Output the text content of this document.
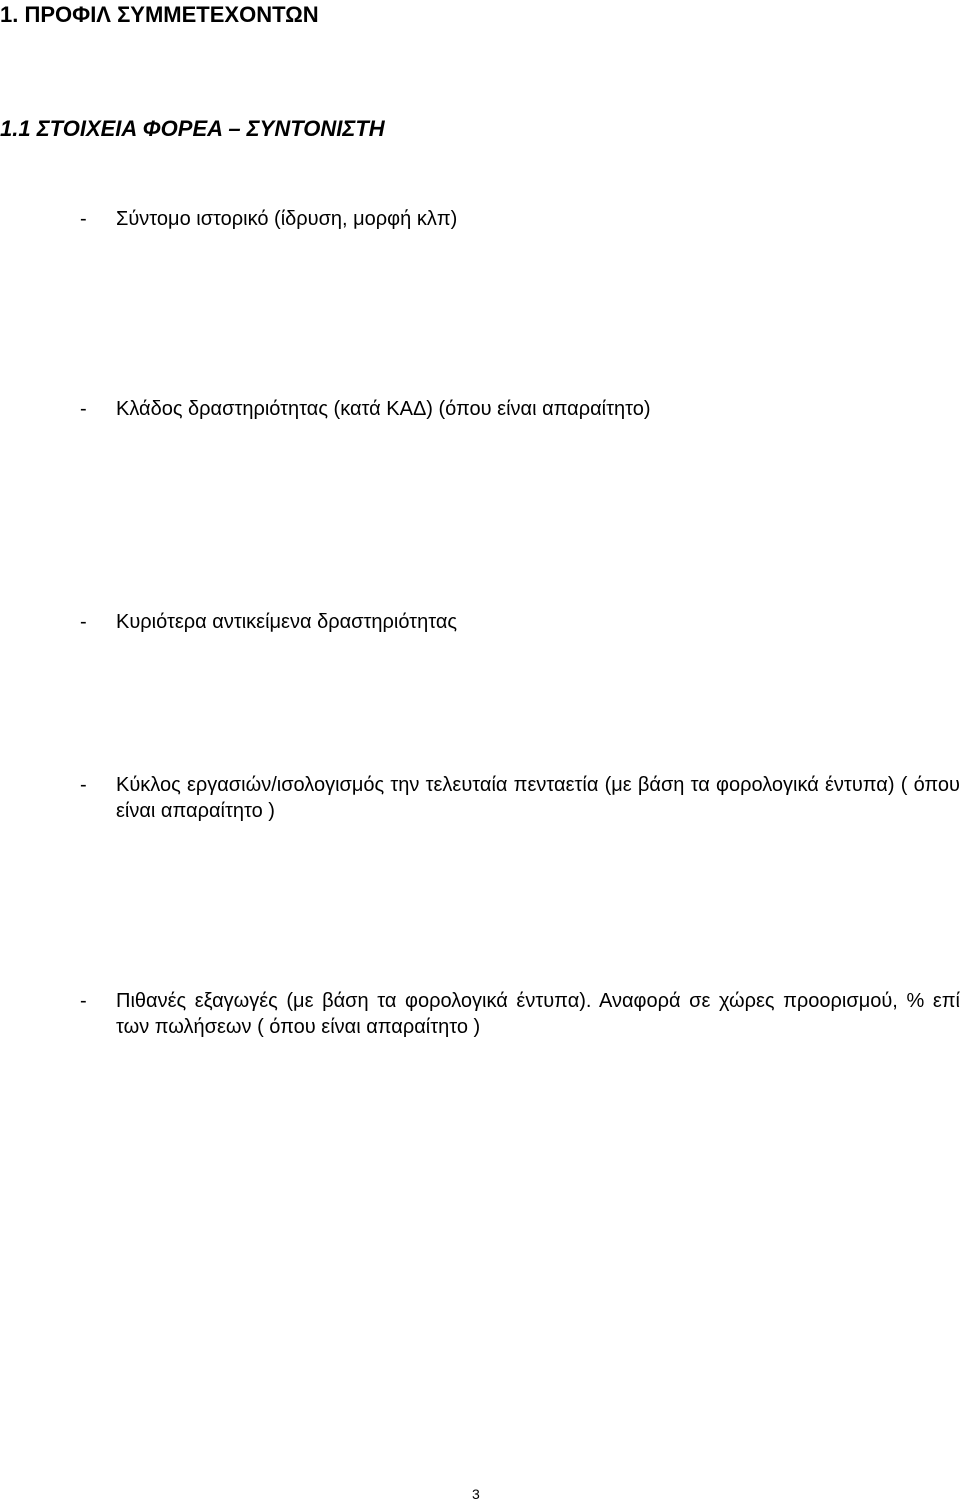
1. ΠΡΟΦΙΛ ΣΥΜΜΕΤΕΧΟΝΤΩΝ
1.1 ΣΤΟΙΧΕΙΑ ΦΟΡΕΑ – ΣΥΝΤΟΝΙΣΤΗ
- Σύντομο ιστορικό (ίδρυση, μορφή κλπ)
- Κλάδος δραστηριότητας (κατά ΚΑΔ) (όπου είναι απαραίτητο)
- Κυριότερα αντικείμενα δραστηριότητας
- Κύκλος εργασιών/ισολογισμός την τελευταία πενταετία (με βάση τα φορολογικά έντυπα) ( όπου είναι απαραίτητο )
- Πιθανές εξαγωγές (με βάση τα φορολογικά έντυπα). Αναφορά σε χώρες προορισμού, % επί των πωλήσεων ( όπου είναι απαραίτητο )
3
